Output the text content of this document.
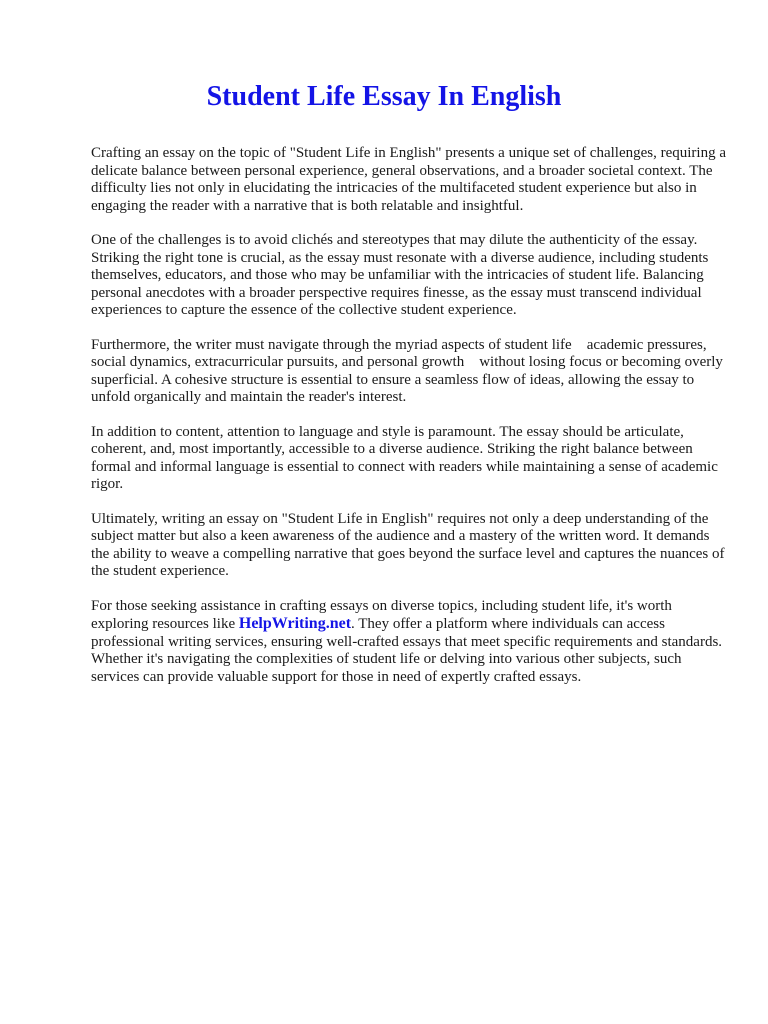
Student Life Essay In English

Crafting an essay on the topic of "Student Life in English" presents a unique set of challenges, requiring a delicate balance between personal experience, general observations, and a broader societal context. The difficulty lies not only in elucidating the intricacies of the multifaceted student experience but also in engaging the reader with a narrative that is both relatable and insightful.

One of the challenges is to avoid clichés and stereotypes that may dilute the authenticity of the essay. Striking the right tone is crucial, as the essay must resonate with a diverse audience, including students themselves, educators, and those who may be unfamiliar with the intricacies of student life. Balancing personal anecdotes with a broader perspective requires finesse, as the essay must transcend individual experiences to capture the essence of the collective student experience.

Furthermore, the writer must navigate through the myriad aspects of student life    academic pressures, social dynamics, extracurricular pursuits, and personal growth    without losing focus or becoming overly superficial. A cohesive structure is essential to ensure a seamless flow of ideas, allowing the essay to unfold organically and maintain the reader's interest.

In addition to content, attention to language and style is paramount. The essay should be articulate, coherent, and, most importantly, accessible to a diverse audience. Striking the right balance between formal and informal language is essential to connect with readers while maintaining a sense of academic rigor.

Ultimately, writing an essay on "Student Life in English" requires not only a deep understanding of the subject matter but also a keen awareness of the audience and a mastery of the written word. It demands the ability to weave a compelling narrative that goes beyond the surface level and captures the nuances of the student experience.

For those seeking assistance in crafting essays on diverse topics, including student life, it's worth exploring resources like HelpWriting.net. They offer a platform where individuals can access professional writing services, ensuring well-crafted essays that meet specific requirements and standards. Whether it's navigating the complexities of student life or delving into various other subjects, such services can provide valuable support for those in need of expertly crafted essays.
